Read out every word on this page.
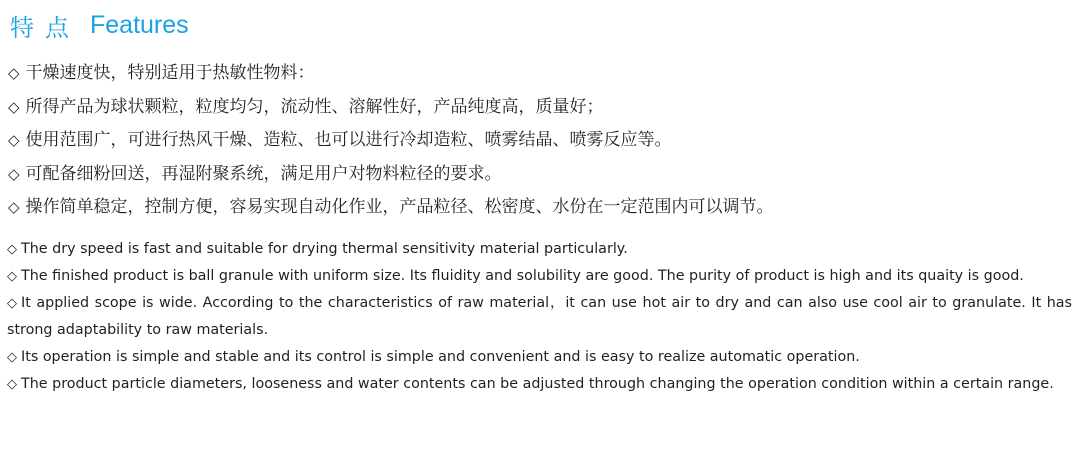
特点 Features
◇ 干燥速度快，特别适用于热敏性物料：
◇ 所得产品为球状颗粒，粒度均匀，流动性、溶解性好，产品纯度高，质量好；
◇ 使用范围广，可进行热风干燥、造粒、也可以进行冷却造粒、喷雾结晶、喷雾反应等。
◇ 可配备细粉回送，再湿附聚系统，满足用户对物料粒径的要求。
◇ 操作简单稳定，控制方便，容易实现自动化作业，产品粒径、松密度、水份在一定范围内可以调节。
◇ The dry speed is fast and suitable for drying thermal sensitivity material particularly.
◇ The finished product is ball granule with uniform size. Its fluidity and solubility are good. The purity of product is high and its quaity is good.
◇ It applied scope is wide. According to the characteristics of raw material，it can use hot air to dry and can also use cool air to granulate. It has strong adaptability to raw materials.
◇ Its operation is simple and stable and its control is simple and convenient and is easy to realize automatic operation.
◇ The product particle diameters, looseness and water contents can be adjusted through changing the operation condition within a certain range.
